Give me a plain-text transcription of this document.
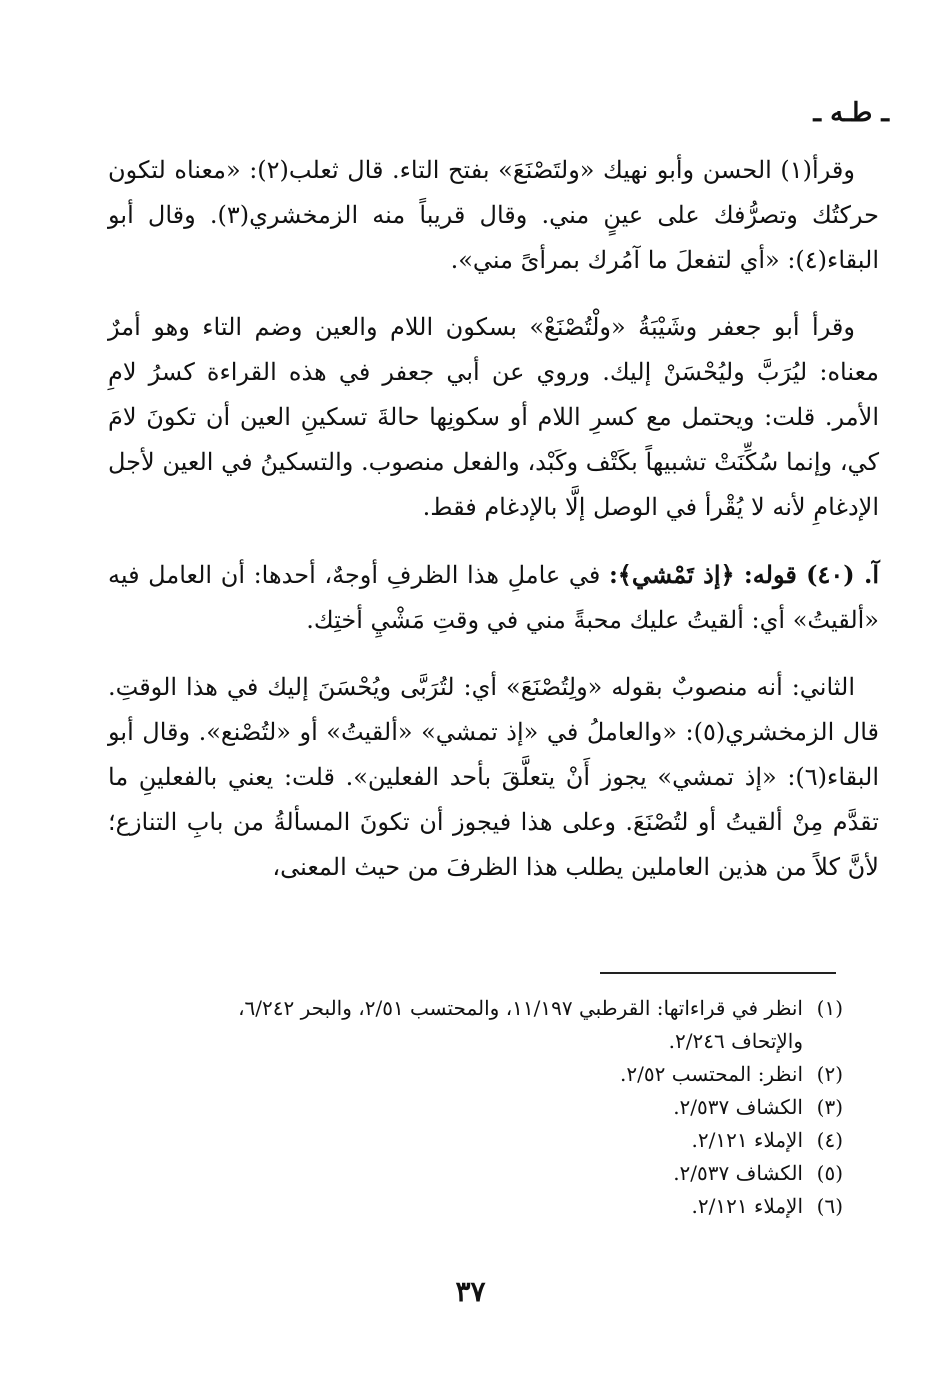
ـ طـه ـ

وقرأ(١) الحسن وأبو نهيك «ولتَصْنَعَ» بفتح التاء. قال ثعلب(٢): «معناه لتكون حركتُك وتصرُّفك على عينٍ مني. وقال قريباً منه الزمخشري(٣). وقال أبو البقاء(٤): «أي لتفعلَ ما آمُرك بمرأىً مني».

وقرأ أبو جعفر وشَيْبَةُ «ولْتُصْنَعْ» بسكون اللام والعين وضم التاء وهو أمرٌ معناه: ليُرَبَّ وليُحْسَنْ إليك. وروي عن أبي جعفر في هذه القراءة كسرُ لامِ الأمر. قلت: ويحتمل مع كسرِ اللام أو سكونِها حالةَ تسكينِ العين أن تكونَ لامَ كي، وإنما سُكِّنَتْ تشبيهاً بكَتْف وكَبْد، والفعل منصوب. والتسكينُ في العين لأجل الإدغامِ لأنه لا يُقْرأ في الوصل إلَّا بالإدغام فقط.

آ. (٤٠) قوله: ﴿إذ تَمْشي﴾: في عاملِ هذا الظرفِ أوجهٌ، أحدها: أن العامل فيه «ألقيتُ» أي: ألقيتُ عليك محبةً مني في وقتِ مَشْيِ أختِك.

الثاني: أنه منصوبٌ بقوله «ولِتُصْنَعَ» أي: لتُرَبَّى ويُحْسَنَ إليك في هذا الوقتِ. قال الزمخشري(٥): «والعاملُ في «إذ تمشي» «ألقيتُ» أو «لتُصْنع». وقال أبو البقاء(٦): «إذ تمشي» يجوز أَنْ يتعلَّقَ بأحد الفعلين». قلت: يعني بالفعلينِ ما تقدَّم مِنْ ألقيتُ أو لتُصْنَعَ. وعلى هذا فيجوز أن تكونَ المسألةُ من بابِ التنازع؛ لأنَّ كلاً من هذين العاملين يطلب هذا الظرفَ من حيث المعنى،

(١)انظر في قراءاتها: القرطبي ١١/١٩٧، والمحتسب ٢/٥١، والبحر ٦/٢٤٢،
والإتحاف ٢/٢٤٦.
(٢)انظر: المحتسب ٢/٥٢.
(٣)الكشاف ٢/٥٣٧.
(٤)الإملاء ٢/١٢١.
(٥)الكشاف ٢/٥٣٧.
(٦)الإملاء ٢/١٢١.
٣٧
